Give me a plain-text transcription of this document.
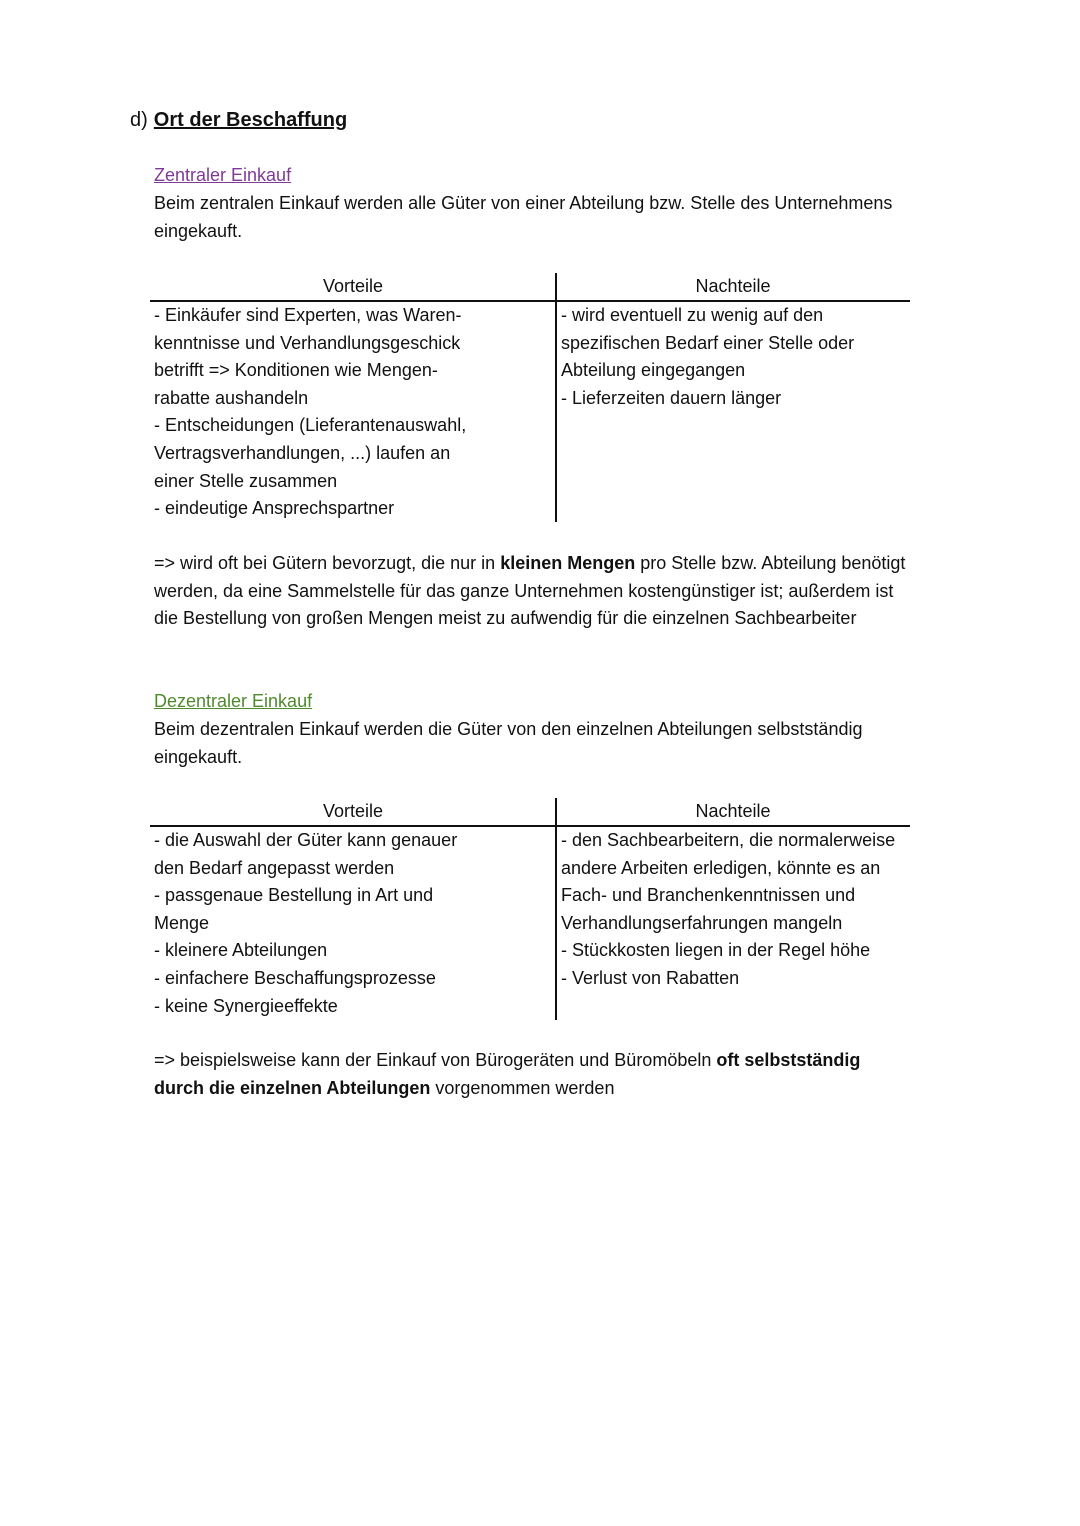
d) Ort der Beschaffung
Zentraler Einkauf

Beim zentralen Einkauf werden alle Güter von einer Abteilung bzw. Stelle des Unternehmens eingekauft.

Vorteile	Nachteile
- Einkäufer sind Experten, was Waren-
kenntnisse und Verhandlungsgeschick
betrifft => Konditionen wie Mengen-
rabatte aushandeln
- Entscheidungen (Lieferantenauswahl,
Vertragsverhandlungen, ...) laufen an
einer Stelle zusammen
- eindeutige Ansprechspartner
- wird eventuell zu wenig auf den
spezifischen Bedarf einer Stelle oder
Abteilung eingegangen
- Lieferzeiten dauern länger

=> wird oft bei Gütern bevorzugt, die nur in kleinen Mengen pro Stelle bzw. Abteilung benötigt werden, da eine Sammelstelle für das ganze Unternehmen kostengünstiger ist; außerdem ist die Bestellung von großen Mengen meist zu aufwendig für die einzelnen Sachbearbeiter

Dezentraler Einkauf

Beim dezentralen Einkauf werden die Güter von den einzelnen Abteilungen selbstständig eingekauft.

Vorteile	Nachteile
- die Auswahl der Güter kann genauer
den Bedarf angepasst werden
- passgenaue Bestellung in Art und
Menge
- kleinere Abteilungen
- einfachere Beschaffungsprozesse
- keine Synergieeffekte
- den Sachbearbeitern, die normalerweise
andere Arbeiten erledigen, könnte es an
Fach- und Branchenkenntnissen und
Verhandlungserfahrungen mangeln
- Stückkosten liegen in der Regel höhe
- Verlust von Rabatten

=> beispielsweise kann der Einkauf von Bürogeräten und Büromöbeln oft selbstständig durch die einzelnen Abteilungen vorgenommen werden
